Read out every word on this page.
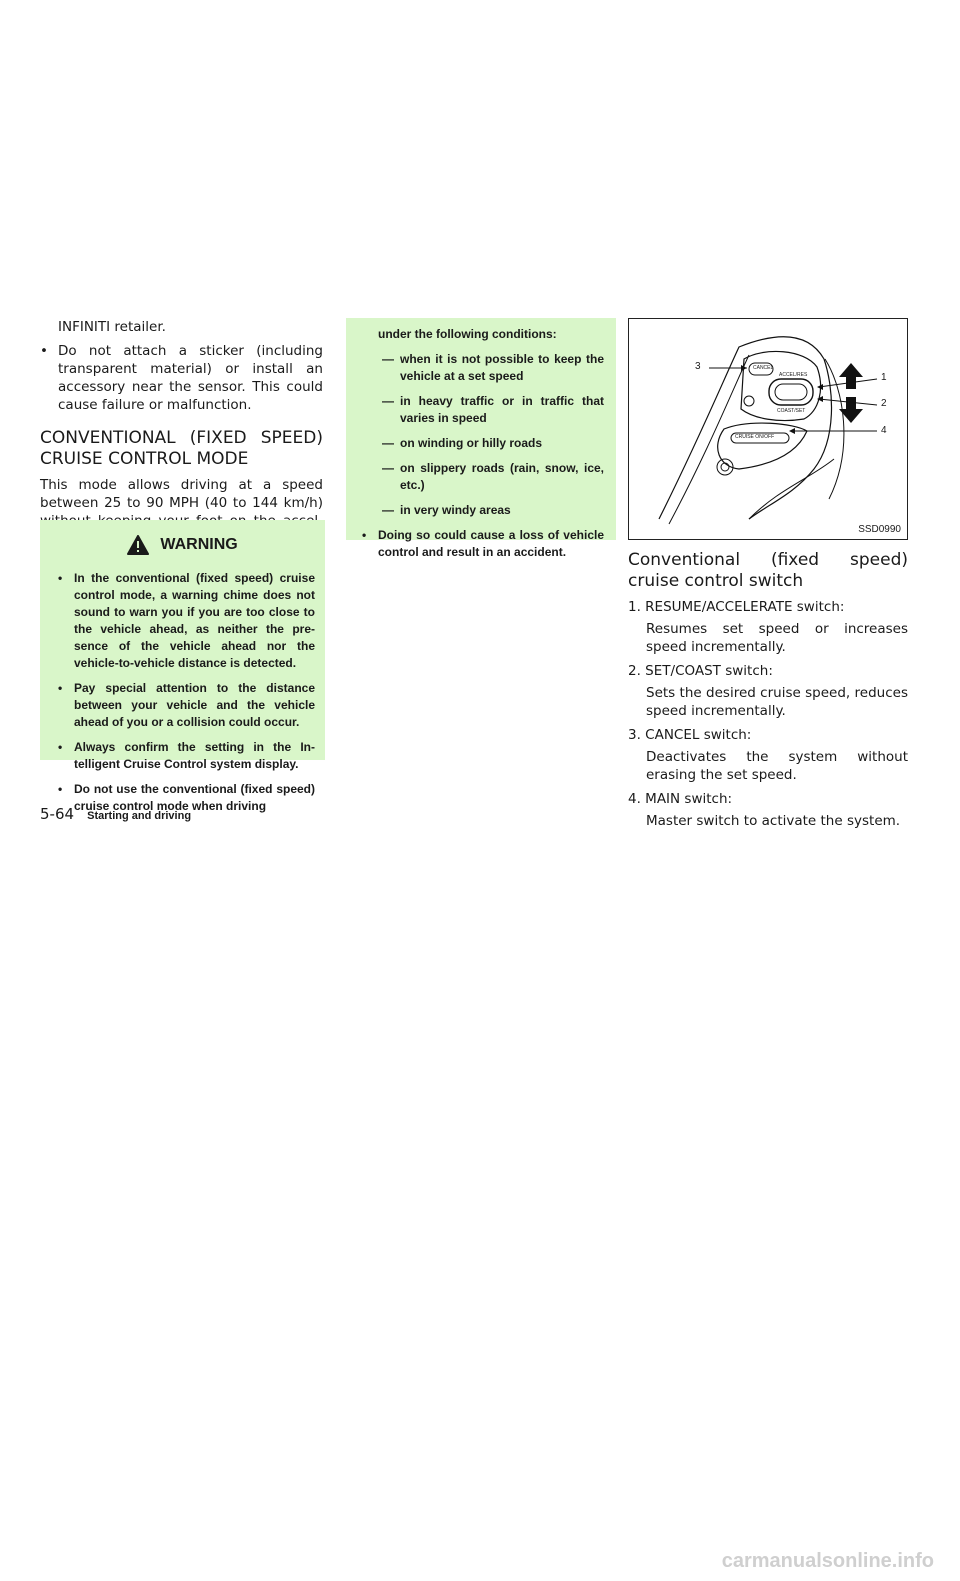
INFINITI retailer.

• Do not attach a sticker (including transparent material) or install an accessory near the sensor. This could cause failure or malfunction.
CONVENTIONAL (FIXED SPEED) CRUISE CONTROL MODE

This mode allows driving at a speed between 25 to 90 MPH (40 to 144 km/h)

WARNING
• In the conventional (fixed speed) cruise control mode, a warning chime does not sound to warn you if you are too close to the vehicle ahead, as neither the pre-sence of the vehicle ahead nor the vehicle-to-vehicle distance is detected.
• Pay special attention to the distance between your vehicle and the vehicle ahead of you or a collision could occur.
• Always confirm the setting in the In-telligent Cruise Control system display.
• Do not use the conventional (fixed speed) cruise control mode when driving

under the following conditions:

— when it is not possible to keep the vehicle at a set speed
— in heavy traffic or in traffic that varies in speed
— on winding or hilly roads
— on slippery roads (rain, snow, ice, etc.)
— in very windy areas
• Doing so could cause a loss of vehicle control and result in an accident.
3
1
2
4
CANCEL
ACCEL/RES
COAST/SET
CRUISE ON/OFF
SSD0990
Conventional (fixed speed) cruise control switch

1. RESUME/ACCELERATE switch:

Resumes set speed or increases speed incrementally.

2. SET/COAST switch:

Sets the desired cruise speed, reduces speed incrementally.

3. CANCEL switch:

Deactivates the system without erasing the set speed.

4. MAIN switch:

Master switch to activate the system.

5-64 Starting and driving
carmanualsonline.info
